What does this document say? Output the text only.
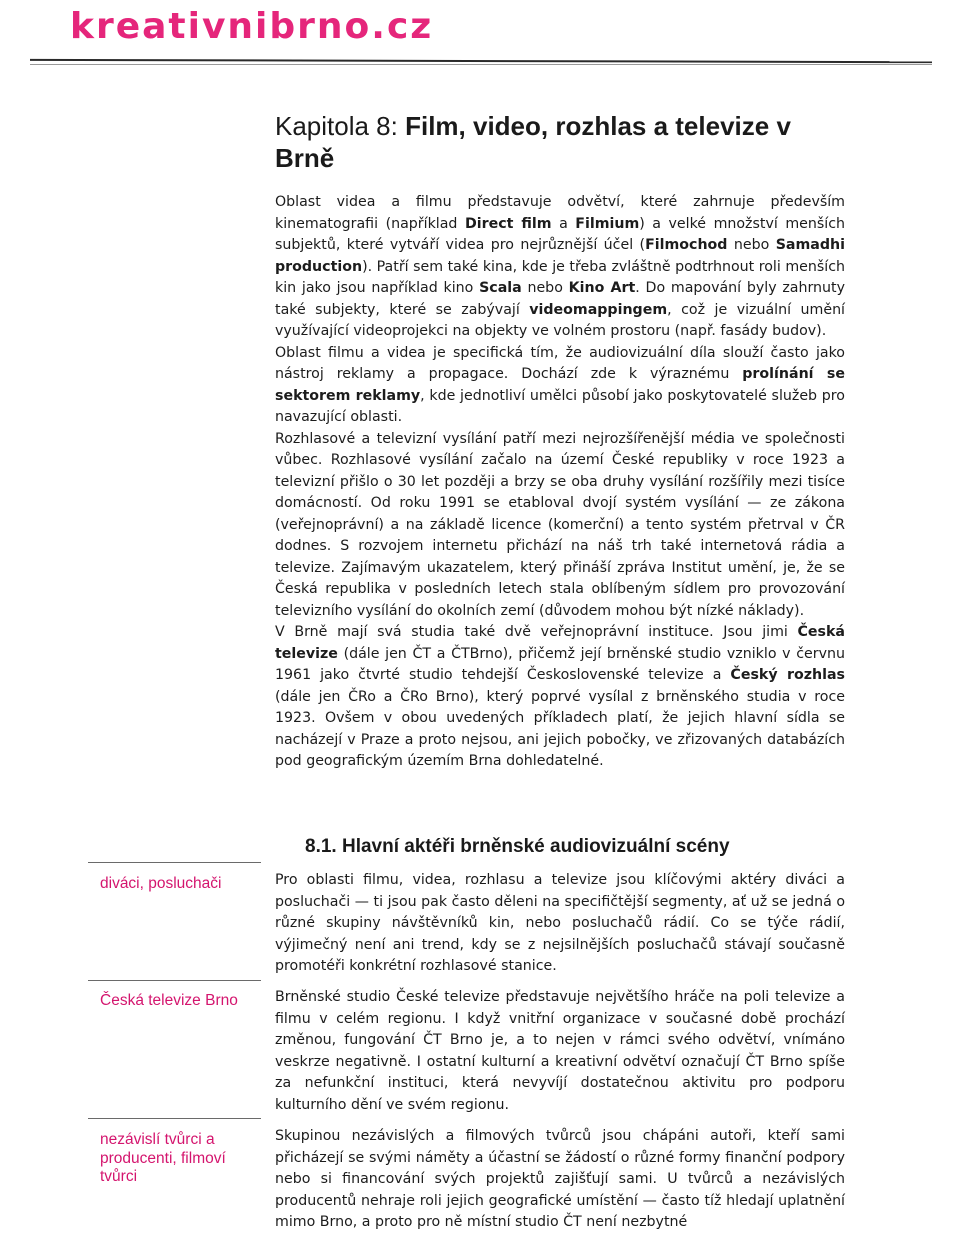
kreativnibrno.cz
Kapitola 8: Film, video, rozhlas a televize v Brně

Oblast videa a filmu představuje odvětví, které zahrnuje především kinematografii (například Direct film a Filmium) a velké množství menších subjektů, které vytváří videa pro nejrůznější účel (Filmochod nebo Samadhi production). Patří sem také kina, kde je třeba zvláštně podtrhnout roli menších kin jako jsou například kino Scala nebo Kino Art. Do mapování byly zahrnuty také subjekty, které se zabývají videomappingem, což je vizuální umění využívající videoprojekci na objekty ve volném prostoru (např. fasády budov).

Oblast filmu a videa je specifická tím, že audiovizuální díla slouží často jako nástroj reklamy a propagace. Dochází zde k výraznému prolínání se sektorem reklamy, kde jednotliví umělci působí jako poskytovatelé služeb pro navazující oblasti.

Rozhlasové a televizní vysílání patří mezi nejrozšířenější média ve společnosti vůbec. Rozhlasové vysílání začalo na území České republiky v roce 1923 a televizní přišlo o 30 let později a brzy se oba druhy vysílání rozšířily mezi tisíce domácností. Od roku 1991 se etabloval dvojí systém vysílání — ze zákona (veřejnoprávní) a na základě licence (komerční) a tento systém přetrval v ČR dodnes. S rozvojem internetu přichází na náš trh také internetová rádia a televize. Zajímavým ukazatelem, který přináší zpráva Institut umění, je, že se Česká republika v posledních letech stala oblíbeným sídlem pro provozování televizního vysílání do okolních zemí (důvodem mohou být nízké náklady).

V Brně mají svá studia také dvě veřejnoprávní instituce. Jsou jimi Česká televize (dále jen ČT a ČTBrno), přičemž její brněnské studio vzniklo v červnu 1961 jako čtvrté studio tehdejší Československé televize a Český rozhlas (dále jen ČRo a ČRo Brno), který poprvé vysílal z brněnského studia v roce 1923. Ovšem v obou uvedených příkladech platí, že jejich hlavní sídla se nacházejí v Praze a proto nejsou, ani jejich pobočky, ve zřizovaných databázích pod geografickým územím Brna dohledatelné.

8.1. Hlavní aktéři brněnské audiovizuální scény
diváci, posluchači	Pro oblasti filmu, videa, rozhlasu a televize jsou klíčovými aktéry diváci a posluchači — ti jsou pak často děleni na specifičtější segmenty, ať už se jedná o různé skupiny návštěvníků kin, nebo posluchačů rádií. Co se týče rádií, výjimečný není ani trend, kdy se z nejsilnějších posluchačů stávají současně promotéři konkrétní rozhlasové stanice.

Česká televize Brno	Brněnské studio České televize představuje největšího hráče na poli televize a filmu v celém regionu. I když vnitřní organizace v současné době prochází změnou, fungování ČT Brno je, a to nejen v rámci svého odvětví, vnímáno veskrze negativně. I ostatní kulturní a kreativní odvětví označují ČT Brno spíše za nefunkční instituci, která nevyvíjí dostatečnou aktivitu pro podporu kulturního dění ve svém regionu.

nezávislí tvůrci a producenti, filmoví tvůrci

Skupinou nezávislých a filmových tvůrců jsou chápáni autoři, kteří sami přicházejí se svými náměty a účastní se žádostí o různé formy finanční podpory nebo si financování svých projektů zajišťují sami. U tvůrců a nezávislých producentů nehraje roli jejich geografické umístění — často tíž hledají uplatnění mimo Brno, a proto pro ně místní studio ČT není nezbytné
